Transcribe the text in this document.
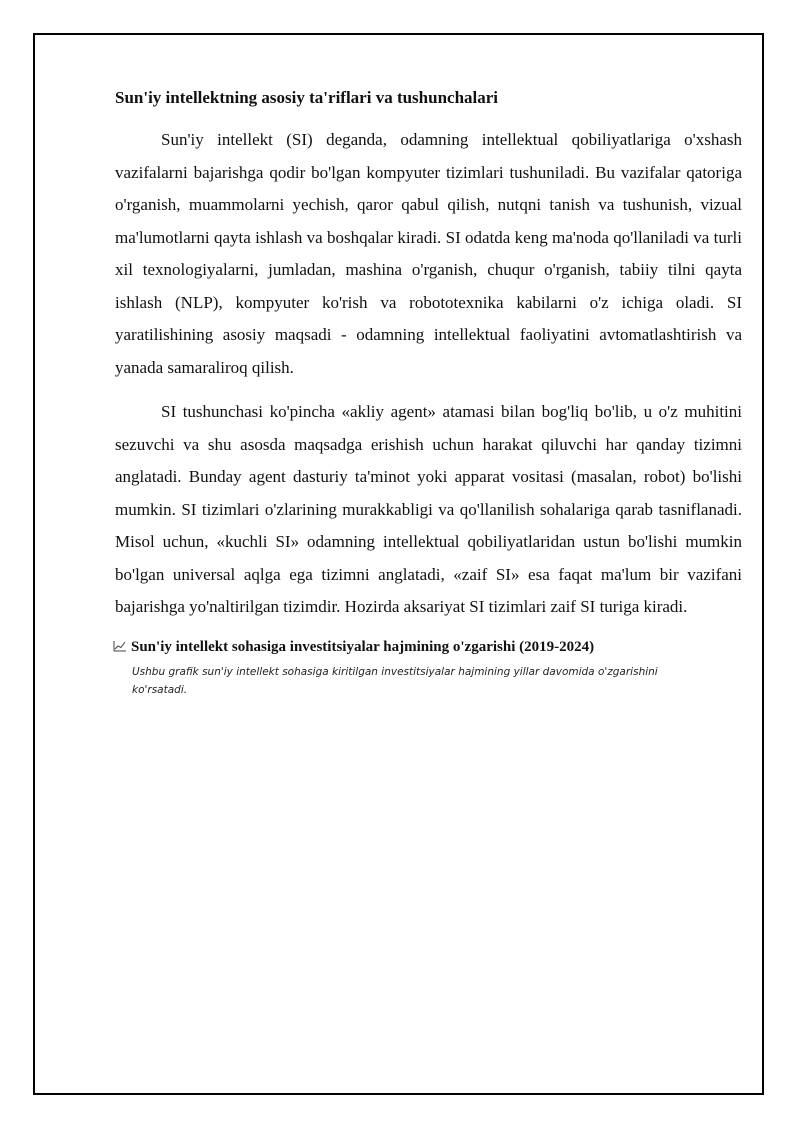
Sun'iy intellektning asosiy ta'riflari va tushunchalari

Sun'iy intellekt (SI) deganda, odamning intellektual qobiliyatlariga o'xshash vazifalarni bajarishga qodir bo'lgan kompyuter tizimlari tushuniladi. Bu vazifalar qatoriga o'rganish, muammolarni yechish, qaror qabul qilish, nutqni tanish va tushunish, vizual ma'lumotlarni qayta ishlash va boshqalar kiradi. SI odatda keng ma'noda qo'llaniladi va turli xil texnologiyalarni, jumladan, mashina o'rganish, chuqur o'rganish, tabiiy tilni qayta ishlash (NLP), kompyuter ko'rish va robototexnika kabilarni o'z ichiga oladi. SI yaratilishining asosiy maqsadi - odamning intellektual faoliyatini avtomatlashtirish va yanada samaraliroq qilish.

SI tushunchasi ko'pincha «akliy agent» atamasi bilan bog'liq bo'lib, u o'z muhitini sezuvchi va shu asosda maqsadga erishish uchun harakat qiluvchi har qanday tizimni anglatadi. Bunday agent dasturiy ta'minot yoki apparat vositasi (masalan, robot) bo'lishi mumkin. SI tizimlari o'zlarining murakkabligi va qo'llanilish sohalariga qarab tasniflanadi. Misol uchun, «kuchli SI» odamning intellektual qobiliyatlaridan ustun bo'lishi mumkin bo'lgan universal aqlga ega tizimni anglatadi, «zaif SI» esa faqat ma'lum bir vazifani bajarishga yo'naltirilgan tizimdir. Hozirda aksariyat SI tizimlari zaif SI turiga kiradi.

Sun'iy intellekt sohasiga investitsiyalar hajmining o'zgarishi (2019-2024)
Ushbu grafik sun'iy intellekt sohasiga kiritilgan investitsiyalar hajmining yillar davomida o'zgarishini ko'rsatadi.
